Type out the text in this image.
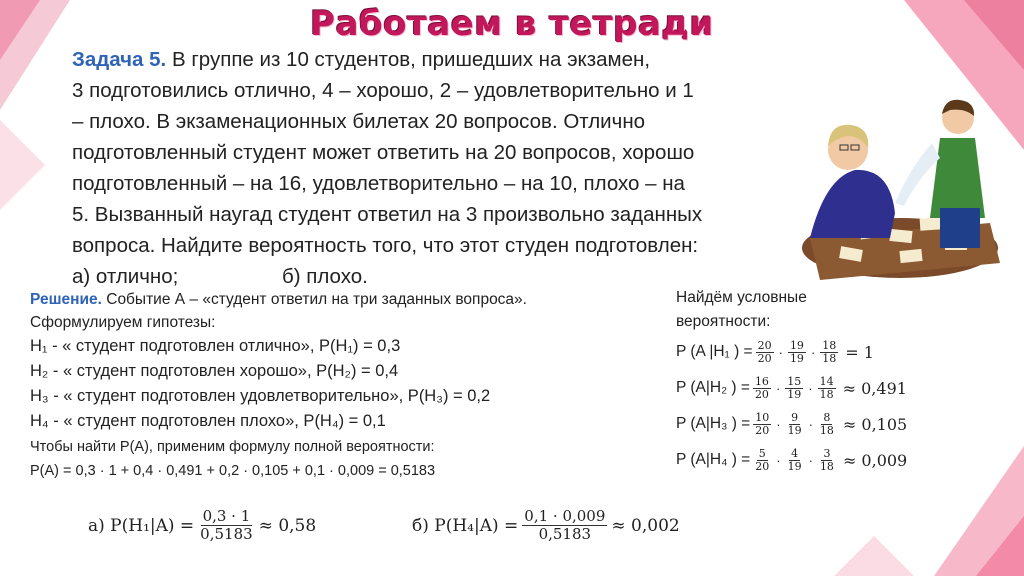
Работаем в тетради
Задача 5. В группе из 10 студентов, пришедших на экзамен,
3 подготовились отлично, 4 – хорошо, 2 – удовлетворительно и 1
– плохо. В экзаменационных билетах 20 вопросов. Отлично
подготовленный студент может ответить на 20 вопросов, хорошо
подготовленный – на 16, удовлетворительно – на 10, плохо – на
5. Вызванный наугад студент ответил на 3 произвольно заданных
вопроса. Найдите вероятность того, что этот студен подготовлен:
а) отлично;	б) плохо.
Решение. Событие А – «студент ответил на три заданных вопроса».
Сформулируем гипотезы:
H₁ - « студент подготовлен отлично», P(H₁) = 0,3
H₂ - « студент подготовлен хорошо», P(H₂) = 0,4
H₃ - « студент подготовлен удовлетворительно», P(H₃) = 0,2
H₄ - « студент подготовлен плохо», P(H₄) = 0,1
Чтобы найти P(A), применим формулу полной вероятности:
P(A) = 0,3 · 1 + 0,4 · 0,491 + 0,2 · 0,105 + 0,1 · 0,009 = 0,5183
Найдём условные
вероятности:
P (A |H₁ ) = $\frac{20}{20} \cdot \frac{19}{19} \cdot \frac{18}{18} = 1$
P (A|H₂ ) = $\frac{16}{20} \cdot \frac{15}{19} \cdot \frac{14}{18} \approx 0,491$
P (A|H₃ ) = $\frac{10}{20} \cdot \frac{9}{19} \cdot \frac{8}{18} \approx 0,105$
P (A|H₄ ) = $\frac{5}{20} \cdot \frac{4}{19} \cdot \frac{3}{18} \approx 0,009$
а) $P(H_1|A) = \frac{0,3 \cdot 1}{0,5183} \approx 0,58$	б) $P(H_4|A) = \frac{0,1 \cdot 0,009}{0,5183} \approx 0,002$
